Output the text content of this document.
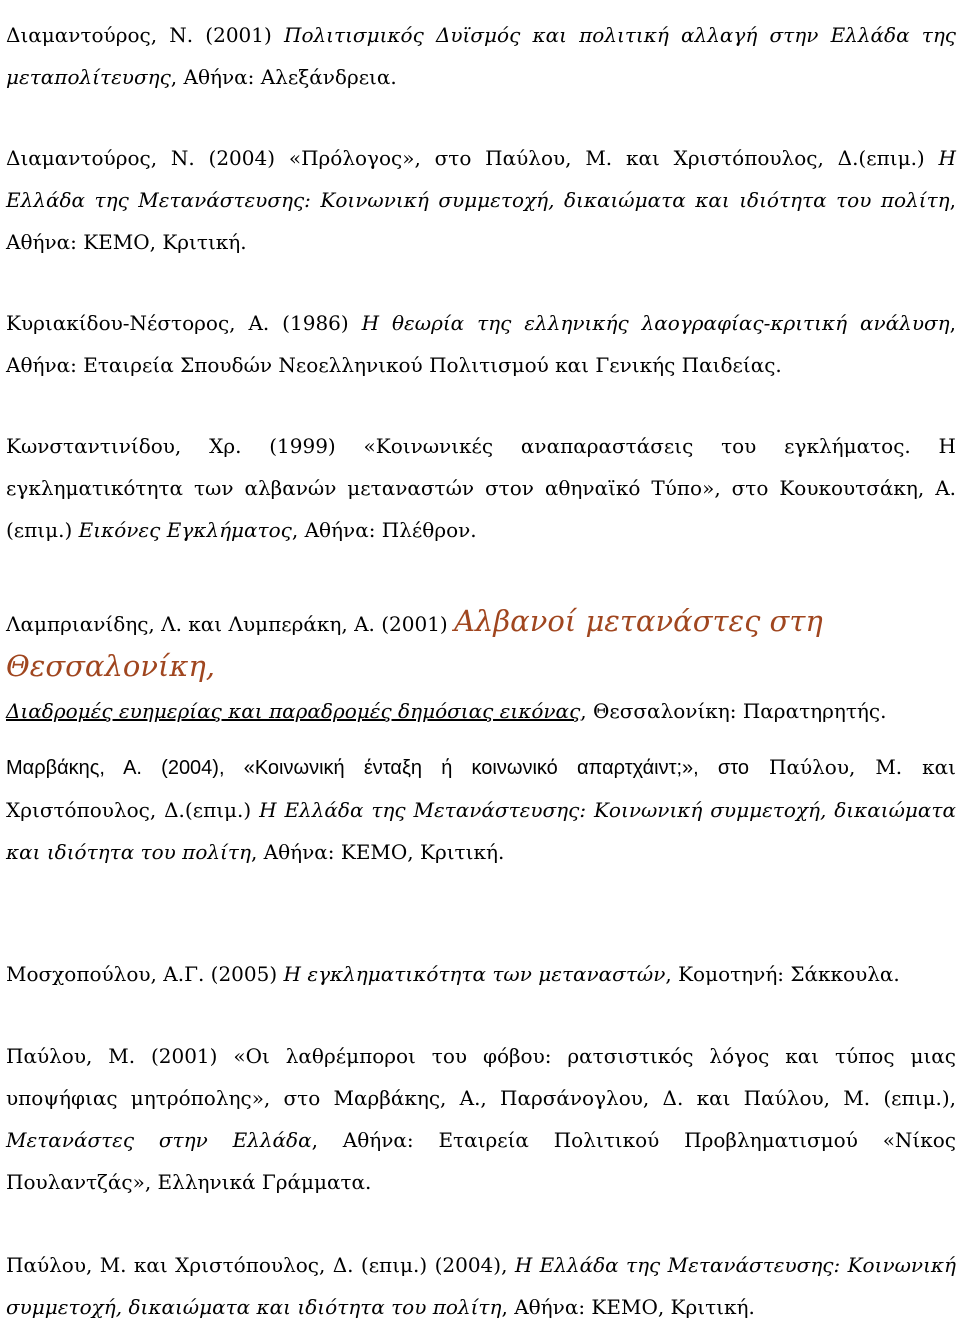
Διαμαντούρος, Ν. (2001) Πολιτισμικός Δυϊσμός και πολιτική αλλαγή στην Ελλάδα της μεταπολίτευσης, Αθήνα: Αλεξάνδρεια.

Διαμαντούρος, Ν. (2004) «Πρόλογος», στο Παύλου, Μ. και Χριστόπουλος, Δ.(επιμ.) Η Ελλάδα της Μετανάστευσης: Κοινωνική συμμετοχή, δικαιώματα και ιδιότητα του πολίτη, Αθήνα: ΚΕΜΟ, Κριτική.

Κυριακίδου-Νέστορος, Α. (1986) Η θεωρία της ελληνικής λαογραφίας-κριτική ανάλυση, Αθήνα: Εταιρεία Σπουδών Νεοελληνικού Πολιτισμού και Γενικής Παιδείας.

Κωνσταντινίδου, Χρ. (1999) «Κοινωνικές αναπαραστάσεις του εγκλήματος. Η εγκληματικότητα των αλβανών μεταναστών στον αθηναϊκό Τύπο», στο Κουκουτσάκη, Α. (επιμ.) Εικόνες Εγκλήματος, Αθήνα: Πλέθρον.

Λαμπριανίδης, Λ. και Λυμπεράκη, Α. (2001) Αλβανοί μετανάστες στη Θεσσαλονίκη,
Διαδρομές ευημερίας και παραδρομές δημόσιας εικόνας, Θεσσαλονίκη: Παρατηρητής.

Μαρβάκης, Α. (2004), «Κοινωνική ένταξη ή κοινωνικό απαρτχάιντ;», στο Παύλου, Μ. και Χριστόπουλος, Δ.(επιμ.) Η Ελλάδα της Μετανάστευσης: Κοινωνική συμμετοχή, δικαιώματα και ιδιότητα του πολίτη, Αθήνα: ΚΕΜΟ, Κριτική.

Μοσχοπούλου, Α.Γ. (2005) Η εγκληματικότητα των μεταναστών, Κομοτηνή: Σάκκουλα.

Παύλου, Μ. (2001) «Οι λαθρέμποροι του φόβου: ρατσιστικός λόγος και τύπος μιας υποψήφιας μητρόπολης», στο Μαρβάκης, Α., Παρσάνογλου, Δ. και Παύλου, Μ. (επιμ.), Μετανάστες στην Ελλάδα, Αθήνα: Εταιρεία Πολιτικού Προβληματισμού «Νίκος Πουλαντζάς», Ελληνικά Γράμματα.

Παύλου, Μ. και Χριστόπουλος, Δ. (επιμ.) (2004), Η Ελλάδα της Μετανάστευσης: Κοινωνική συμμετοχή, δικαιώματα και ιδιότητα του πολίτη, Αθήνα: ΚΕΜΟ, Κριτική.
